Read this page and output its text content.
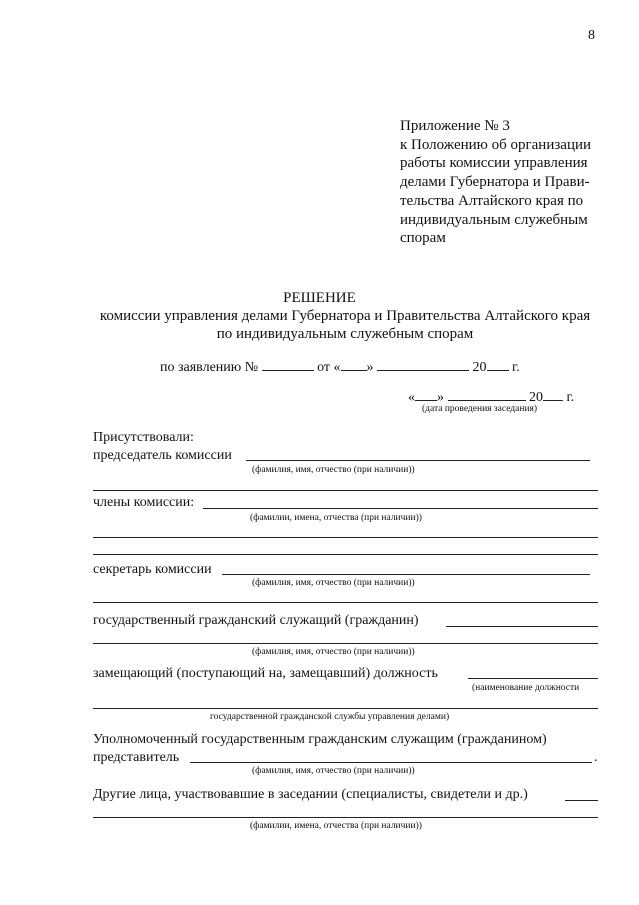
8
Приложение № 3
к Положению об организации
работы комиссии управления
делами Губернатора и Прави-
тельства Алтайского края по
индивидуальным служебным
спорам
РЕШЕНИЕ
комиссии управления делами Губернатора и Правительства Алтайского края
по индивидуальным служебным спорам
по заявлению №	от « »	20 г.
« »	20 г.
(дата проведения заседания)
Присутствовали:
председатель комиссии
(фамилия, имя, отчество (при наличии))
члены комиссии:
(фамилии, имена, отчества (при наличии))
секретарь комиссии
(фамилия, имя, отчество (при наличии))
государственный гражданский служащий (гражданин)
(фамилия, имя, отчество (при наличии))
замещающий (поступающий на, замещавший) должность
(наименование должности
государственной гражданской службы управления делами)
Уполномоченный государственным гражданским служащим (гражданином)
представитель	.
(фамилия, имя, отчество (при наличии))
Другие лица, участвовавшие в заседании (специалисты, свидетели и др.)
(фамилии, имена, отчества (при наличии))
